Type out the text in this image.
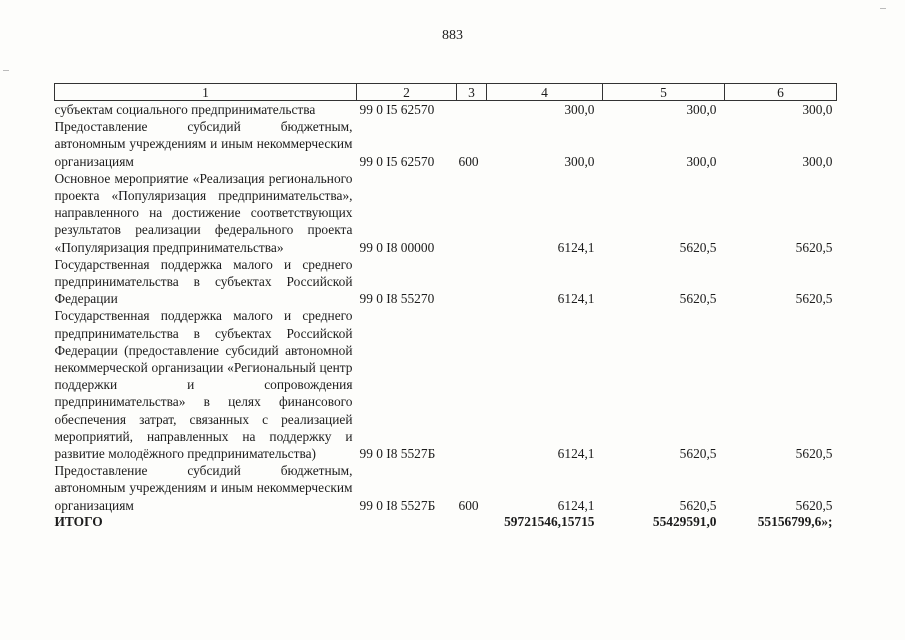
883
1	2	3	4	5	6
субъектам социального предпринимательства	99 0 I5 62570		300,0	300,0	300,0
Предоставление субсидий бюджетным, автономным учреждениям и иным некоммерческим организациям	99 0 I5 62570	600	300,0	300,0	300,0
Основное мероприятие «Реализация регионального проекта «Популяризация предпринимательства», направленного на достижение соответствующих результатов реализации федерального проекта «Популяризация предпринимательства»	99 0 I8 00000		6124,1	5620,5	5620,5
Государственная поддержка малого и среднего предпринимательства в субъектах Российской Федерации	99 0 I8 55270		6124,1	5620,5	5620,5
Государственная поддержка малого и среднего предпринимательства в субъектах Российской Федерации (предоставление субсидий автономной некоммерческой организации «Региональный центр поддержки и сопровождения предпринимательства» в целях финансового обеспечения затрат, связанных с реализацией мероприятий, направленных на поддержку и развитие молодёжного предпринимательства)	99 0 I8 5527Б		6124,1	5620,5	5620,5
Предоставление субсидий бюджетным, автономным учреждениям и иным некоммерческим организациям	99 0 I8 5527Б	600	6124,1	5620,5	5620,5
ИТОГО			59721546,15715	55429591,0	55156799,6»;
